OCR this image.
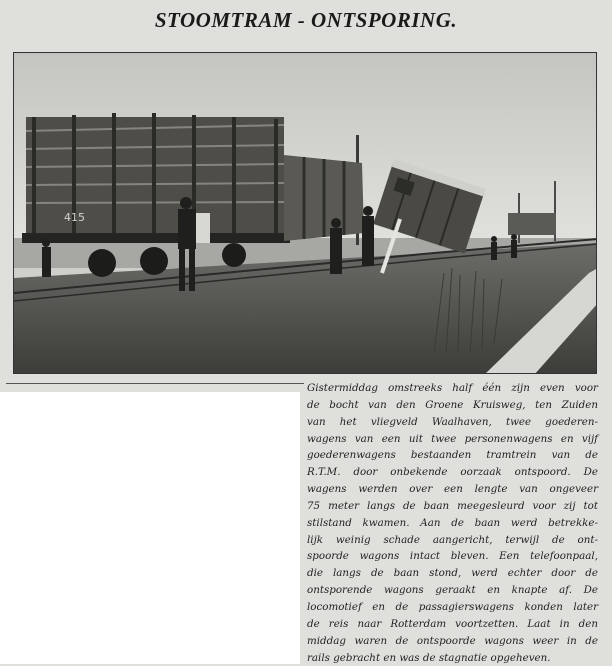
STOOMTRAM - ONTSPORING.
415
Gistermiddag omstreeks half één zijn even voor
de bocht van den Groene Kruisweg, ten Zuiden
van het vliegveld Waalhaven, twee goederen-
wagens van een uit twee personenwagens en vijf
goederenwagens bestaanden tramtrein van de
R.T.M. door onbekende oorzaak ontspoord. De
wagens werden over een lengte van ongeveer
75 meter langs de baan meegesleurd voor zij tot
stilstand kwamen. Aan de baan werd betrekke-
lijk weinig schade aangericht, terwijl de ont-
spoorde wagons intact bleven. Een telefoonpaal,
die langs de baan stond, werd echter door de
ontsporende wagons geraakt en knapte af. De
locomotief en de passagierswagens konden later
de reis naar Rotterdam voortzetten. Laat in den
middag waren de ontspoorde wagons weer in de
rails gebracht en was de stagnatie opgeheven.
